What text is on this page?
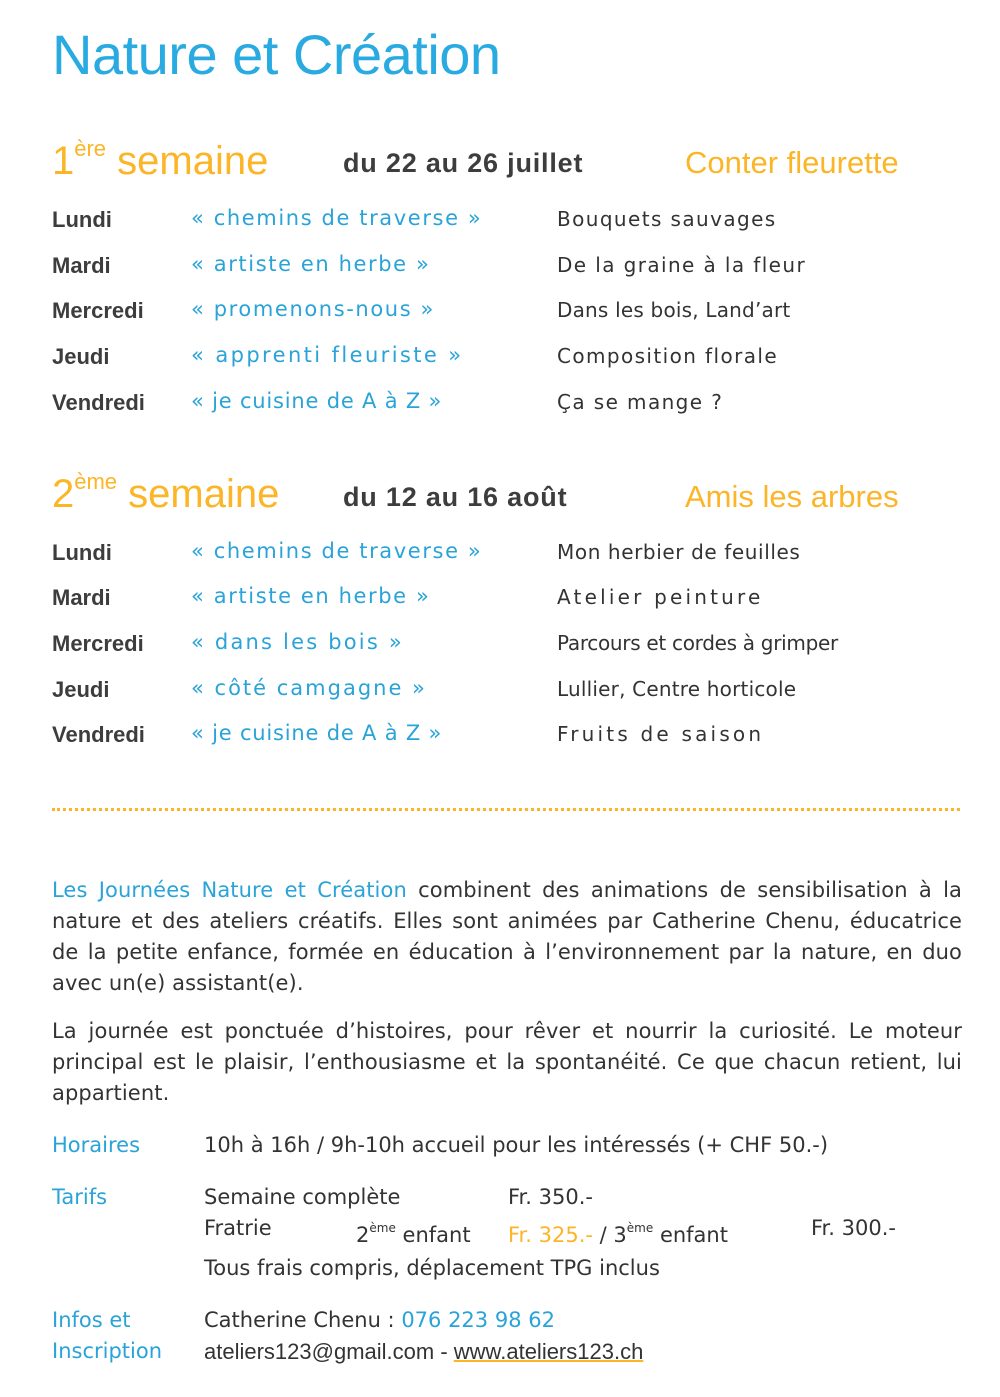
Nature et Création
1ère semaine	du 22 au 26 juillet	Conter fleurette
Lundi	« chemins de traverse »	Bouquets sauvages
Mardi	« artiste en herbe »	De la graine à la fleur
Mercredi « promenons-nous »	Dans les bois, Land’art
Jeudi	« apprenti fleuriste »	Composition florale
Vendredi « je cuisine de A à Z »	Ça se mange ?
2ème semaine du 12 au 16 août	Amis les arbres
Lundi	« chemins de traverse »	Mon herbier de feuilles
Mardi	« artiste en herbe »	Atelier peinture
Mercredi « dans les bois »	Parcours et cordes à grimper
Jeudi	« côté camgagne »	Lullier, Centre horticole
Vendredi « je cuisine de A à Z »	Fruits de saison
Les Journées Nature et Création combinent des animations de sensibilisation à la nature et des ateliers créatifs. Elles sont animées par Catherine Chenu, éducatrice de la petite enfance, formée en éducation à l’environnement par la nature, en duo avec un(e) assistant(e).
La journée est ponctuée d’histoires, pour rêver et nourrir la curiosité. Le moteur principal est le plaisir, l’enthousiasme et la spontanéité. Ce que chacun retient, lui appartient.
Horaires	10h à 16h / 9h-10h accueil pour les intéressés (+ CHF 50.-)
Tarifs	Semaine complète	Fr. 350.-
Fratrie	2ème enfant Fr. 325.- / 3ème enfant	Fr. 300.-
Tous frais compris, déplacement TPG inclus
Infos et
Inscription
Catherine Chenu : 076 223 98 62
ateliers123@gmail.com - www.ateliers123.ch
